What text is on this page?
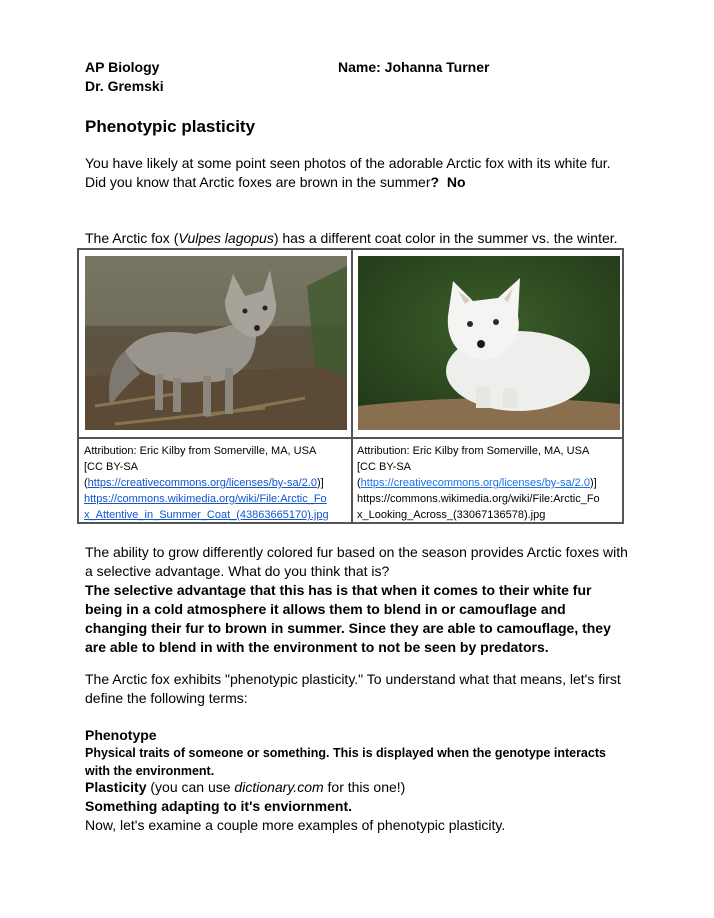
AP Biology
Dr. Gremski
Name: Johanna Turner
Phenotypic plasticity
You have likely at some point seen photos of the adorable Arctic fox with its white fur.
Did you know that Arctic foxes are brown in the summer? No
The Arctic fox (Vulpes lagopus) has a different coat color in the summer vs. the winter.
Attribution: Eric Kilby from Somerville, MA, USA
[CC BY-SA
(https://creativecommons.org/licenses/by-sa/2.0)]
https://commons.wikimedia.org/wiki/File:Arctic_Fo
x_Attentive_in_Summer_Coat_(43863665170).jpg
Attribution: Eric Kilby from Somerville, MA, USA
[CC BY-SA
(https://creativecommons.org/licenses/by-sa/2.0)]
https://commons.wikimedia.org/wiki/File:Arctic_Fo
x_Looking_Across_(33067136578).jpg
The ability to grow differently colored fur based on the season provides Arctic foxes with
a selective advantage. What do you think that is?
The selective advantage that this has is that when it comes to their white fur
being in a cold atmosphere it allows them to blend in or camouflage and
changing their fur to brown in summer. Since they are able to camouflage, they
are able to blend in with the environment to not be seen by predators.
The Arctic fox exhibits "phenotypic plasticity." To understand what that means, let's first
define the following terms:
Phenotype
Physical traits of someone or something. This is displayed when the genotype interacts
with the environment.
Plasticity (you can use dictionary.com for this one!)
Something adapting to it's enviornment.
Now, let's examine a couple more examples of phenotypic plasticity.
